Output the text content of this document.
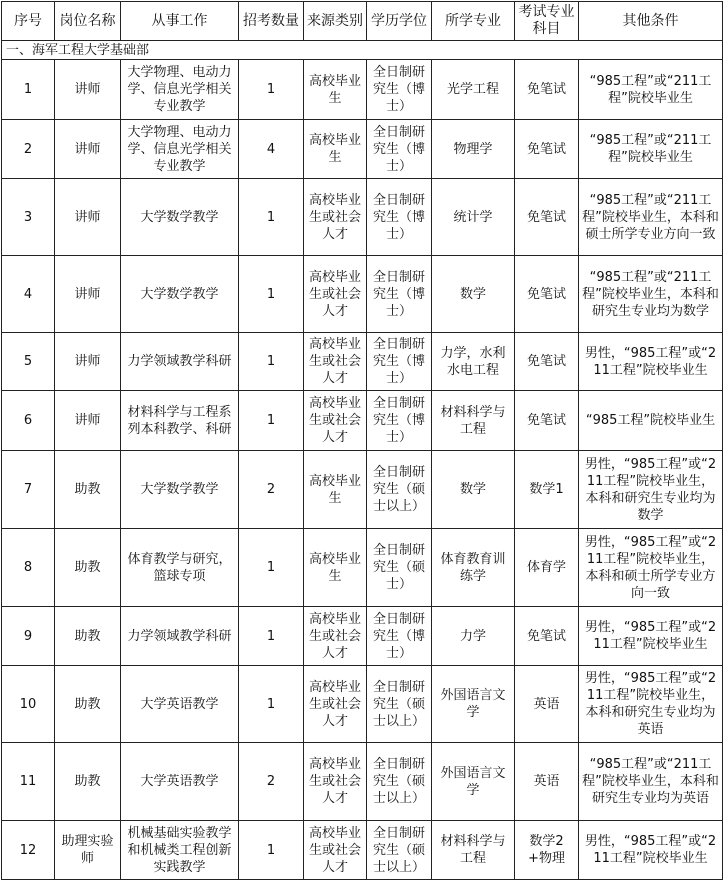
序号	岗位名称	从事工作	招考数量	来源类别	学历学位	所学专业	考试专业科目	其他条件
一、海军工程大学基础部								
1	讲师	大学物理、电动力学、信息光学相关专业教学	1	高校毕业生	全日制研究生（博士）	光学工程	免笔试	“985工程”或“211工程”院校毕业生
2	讲师	大学物理、电动力学、信息光学相关专业教学	4	高校毕业生	全日制研究生（博士）	物理学	免笔试	“985工程”或“211工程”院校毕业生
3	讲师	大学数学教学	1	高校毕业生或社会人才	全日制研究生（博士）	统计学	免笔试	“985工程”或“211工程”院校毕业生，本科和硕士所学专业方向一致
4	讲师	大学数学教学	1	高校毕业生或社会人才	全日制研究生（博士）	数学	免笔试	“985工程”或“211工程”院校毕业生，本科和研究生专业均为数学
5	讲师	力学领域教学科研	1	高校毕业生或社会人才	全日制研究生（博士）	力学，水利水电工程	免笔试	男性，“985工程”或“211工程”院校毕业生
6	讲师	材料科学与工程系列本科教学、科研	1	高校毕业生或社会人才	全日制研究生（博士）	材料科学与工程	免笔试	“985工程”院校毕业生
7	助教	大学数学教学	2	高校毕业生	全日制研究生（硕士以上）	数学	数学1	男性，“985工程”或“211工程”院校毕业生，本科和研究生专业均为数学
8	助教	体育教学与研究，篮球专项	1	高校毕业生	全日制研究生（硕士）	体育教育训练学	体育学	男性，“985工程”或“211工程”院校毕业生，本科和硕士所学专业方向一致
9	助教	力学领域教学科研	1	高校毕业生或社会人才	全日制研究生（博士）	力学	免笔试	男性，“985工程”或“211工程”院校毕业生
10	助教	大学英语教学	1	高校毕业生或社会人才	全日制研究生（硕士以上）	外国语言文学	英语	男性，“985工程”或“211工程”院校毕业生，本科和研究生专业均为英语
11	助教	大学英语教学	2	高校毕业生或社会人才	全日制研究生（硕士以上）	外国语言文学	英语	“985工程”或“211工程”院校毕业生，本科和研究生专业均为英语
12	助理实验师	机械基础实验教学和机械类工程创新实践教学	1	高校毕业生或社会人才	全日制研究生（硕士以上）	材料科学与工程	数学2+物理	男性，“985工程”或“211工程”院校毕业生
